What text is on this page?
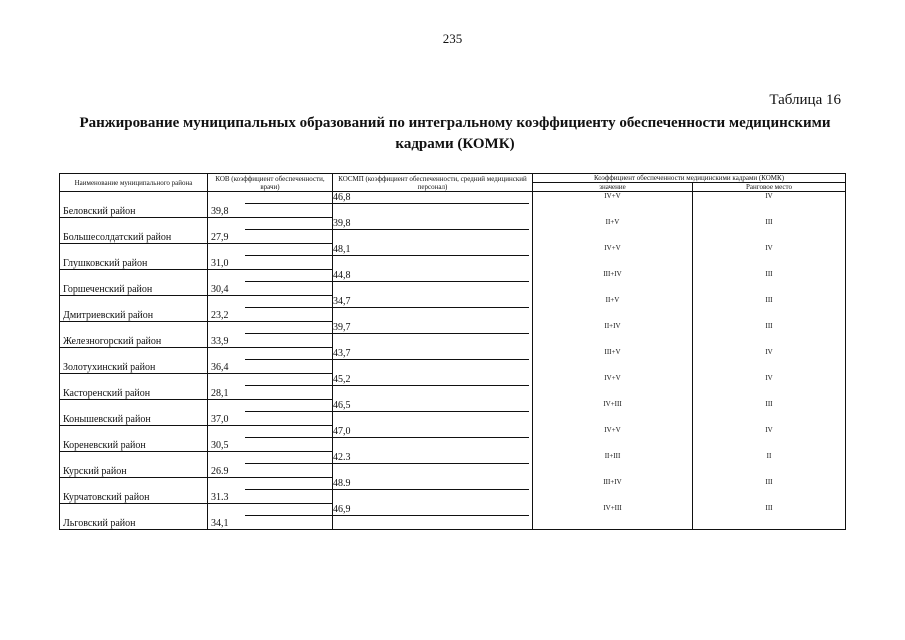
235
Таблица 16
Ранжирование муниципальных образований по интегральному коэффициенту обеспеченности медицинскими
кадрами (КОМК)
Наименование муниципального района	КОВ (коэффициент обеспеченности, врачи)	КОСМП (коэффициент обеспеченности, средний медицинский персонал)	Коэффициент обеспеченности медицинскими кадрами (КОМК)	
			значение	Ранговое место
Беловский район	39,8	46,8	IV+V	IV
Большесолдатский район	27,9	39,8	II+V	III
Глушковский район	31,0	48,1	IV+V	IV
Горшеченский район	30,4	44,8	III+IV	III
Дмитриевский район	23,2	34,7	II+V	III
Железногорский район	33,9	39,7	II+IV	III
Золотухинский район	36,4	43,7	III+V	IV
Касторенский район	28,1	45,2	IV+V	IV
Конышевский район	37,0	46,5	IV+III	III
Кореневский район	30,5	47,0	IV+V	IV
Курский район	26.9	42.3	II+III	II
Курчатовский район	31.3	48.9	III+IV	III
Льговский район	34,1	46,9	IV+III	III
